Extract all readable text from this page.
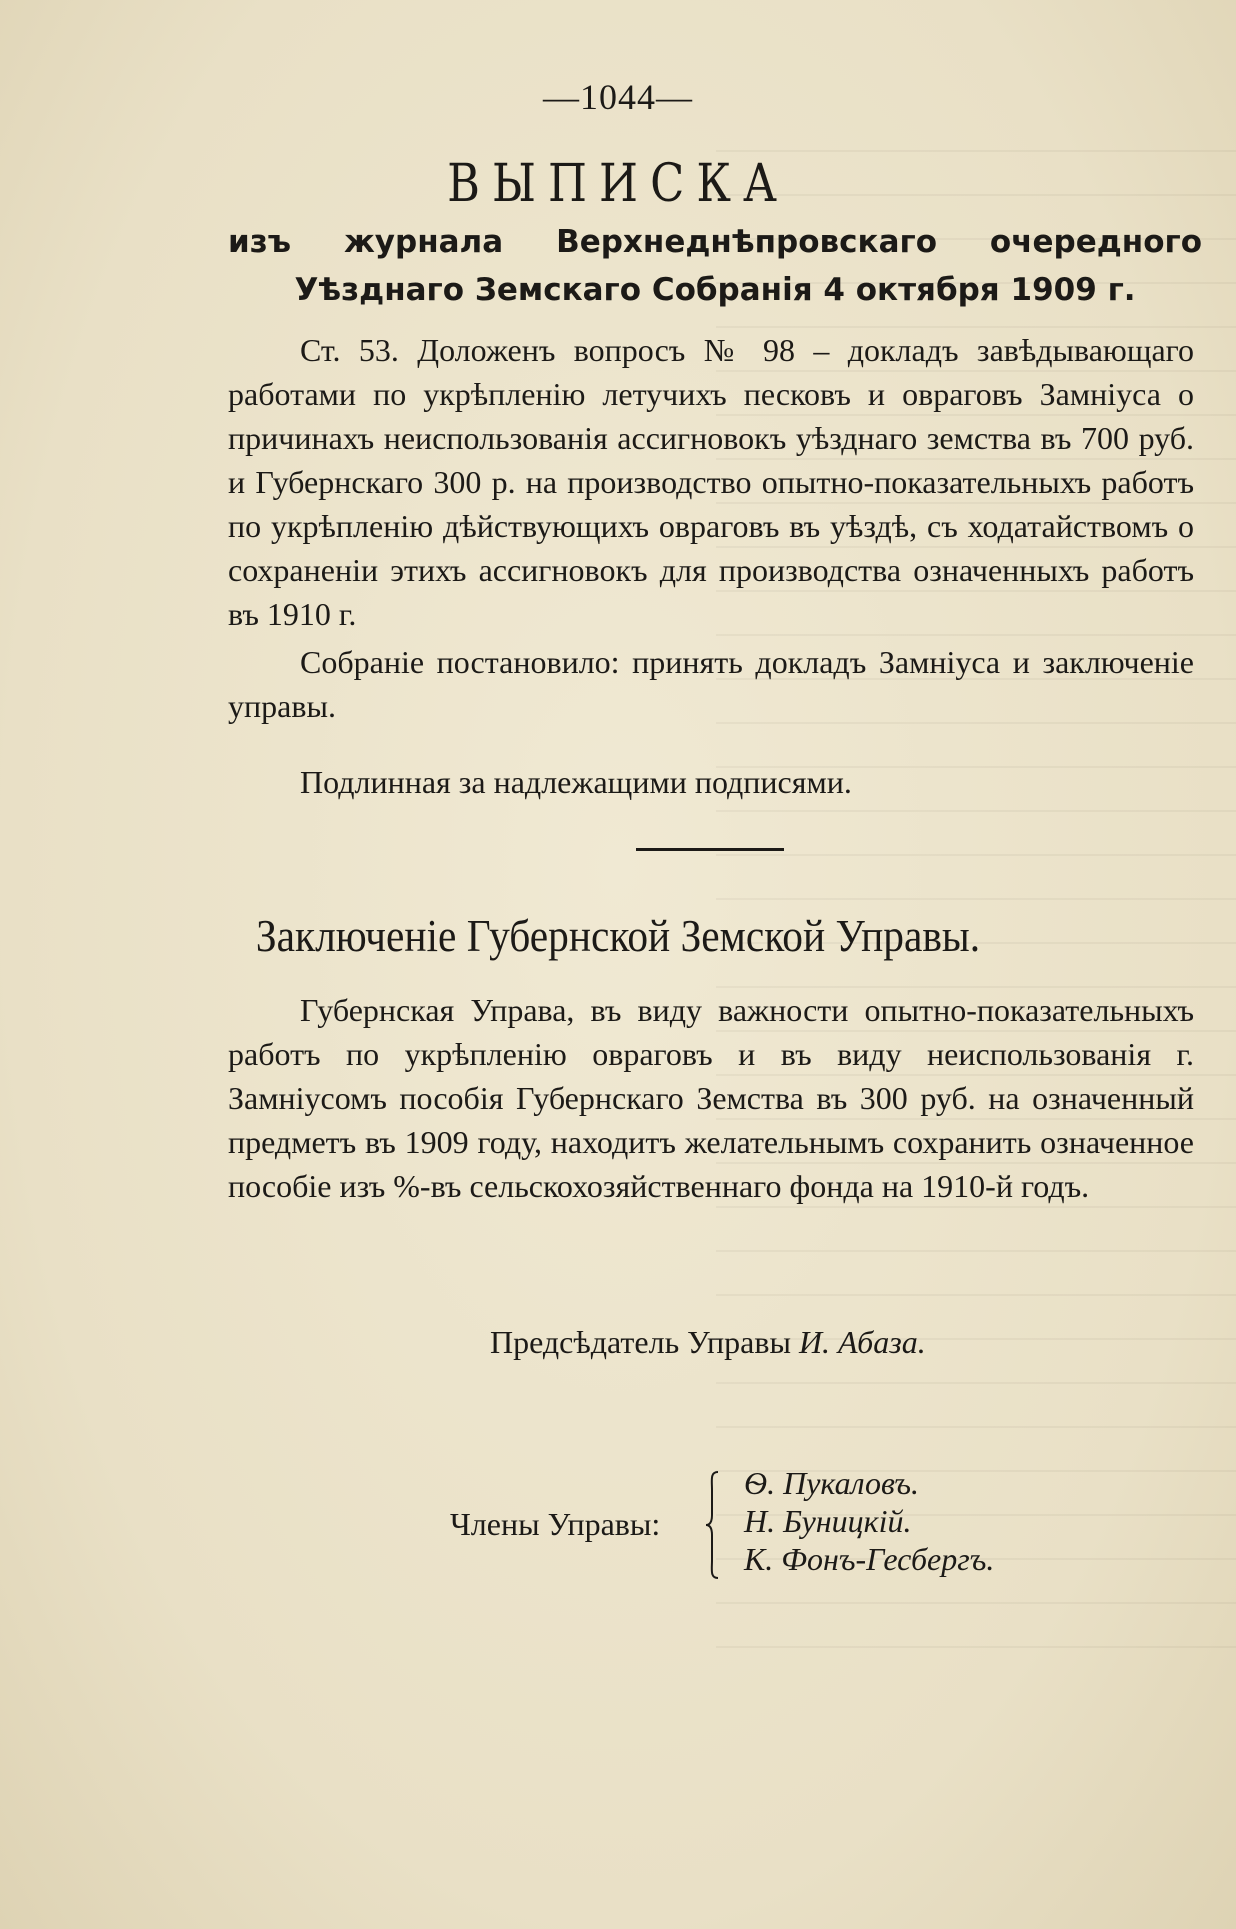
—1044—
ВЫПИСКА
изъ журнала Верхнеднѣпровскаго очередного Уѣзднаго Земскаго Собранія 4 октября 1909 г.
Ст. 53. Доложенъ вопросъ № 98 – докладъ завѣдывающаго работами по укрѣпленію летучихъ песковъ и овраговъ Замніуса о причинахъ неиспользованія ассигновокъ уѣзднаго земства въ 700 руб. и Губернскаго 300 р. на производство опытно-показательныхъ работъ по укрѣпленію дѣйствующихъ овраговъ въ уѣздѣ, съ ходатайствомъ о сохраненіи этихъ ассигновокъ для производства означенныхъ работъ въ 1910 г.
Собраніе постановило: принять докладъ Замніуса и заключеніе управы.
Подлинная за надлежащими подписями.
Заключеніе Губернской Земской Управы.
Губернская Управа, въ виду важности опытно-показательныхъ работъ по укрѣпленію овраговъ и въ виду неиспользованія г. Замніусомъ пособія Губернскаго Земства въ 300 руб. на означенный предметъ въ 1909 году, находитъ желательнымъ сохранить означенное пособіе изъ %-въ сельскохозяйственнаго фонда на 1910-й годъ.
Предсѣдатель Управы И. Абаза.
Члены Управы:
Ѳ. Пукаловъ.
Н. Буницкій.
К. Фонъ-Гесбергъ.
